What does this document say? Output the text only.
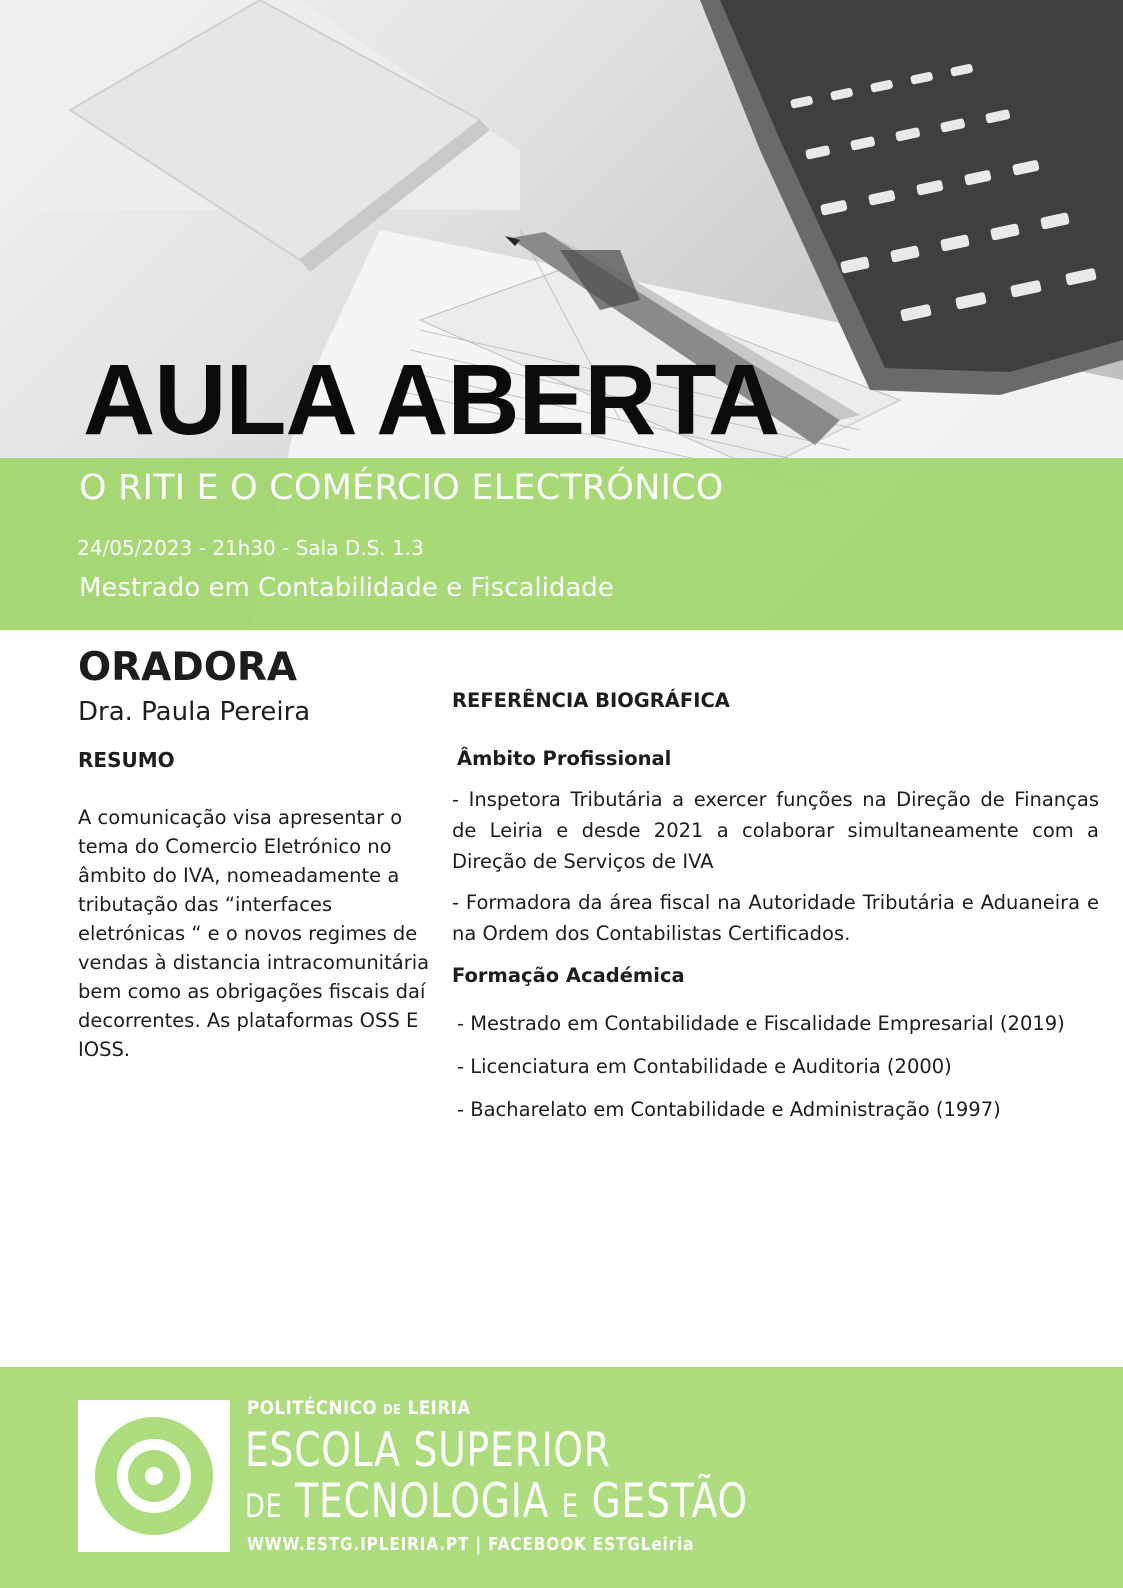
AULA ABERTA
O RITI E O COMÉRCIO ELECTRÓNICO
24/05/2023 - 21h30 - Sala D.S. 1.3
Mestrado em Contabilidade e Fiscalidade
ORADORA

Dra. Paula Pereira

RESUMO

A comunicação visa apresentar o tema do Comercio Eletrónico no âmbito do IVA, nomeadamente a tributação das “interfaces eletrónicas “ e o novos regimes de vendas à distancia intracomunitária bem como as obrigações fiscais daí decorrentes. As plataformas OSS E IOSS.

REFERÊNCIA BIOGRÁFICA
Âmbito Profissional

- Inspetora Tributária a exercer funções na Direção de Finanças de Leiria e desde 2021 a colaborar simultaneamente com a Direção de Serviços de IVA

- Formadora da área fiscal na Autoridade Tributária e Aduaneira e na Ordem dos Contabilistas Certificados.

Formação Académica
- Mestrado em Contabilidade e Fiscalidade Empresarial (2019)
- Licenciatura em Contabilidade e Auditoria (2000)
- Bacharelato em Contabilidade e Administração (1997)
POLITÉCNICO DE LEIRIA
ESCOLA SUPERIOR
DE TECNOLOGIA E GESTÃO
WWW.ESTG.IPLEIRIA.PT | FACEBOOK ESTGLeiria
